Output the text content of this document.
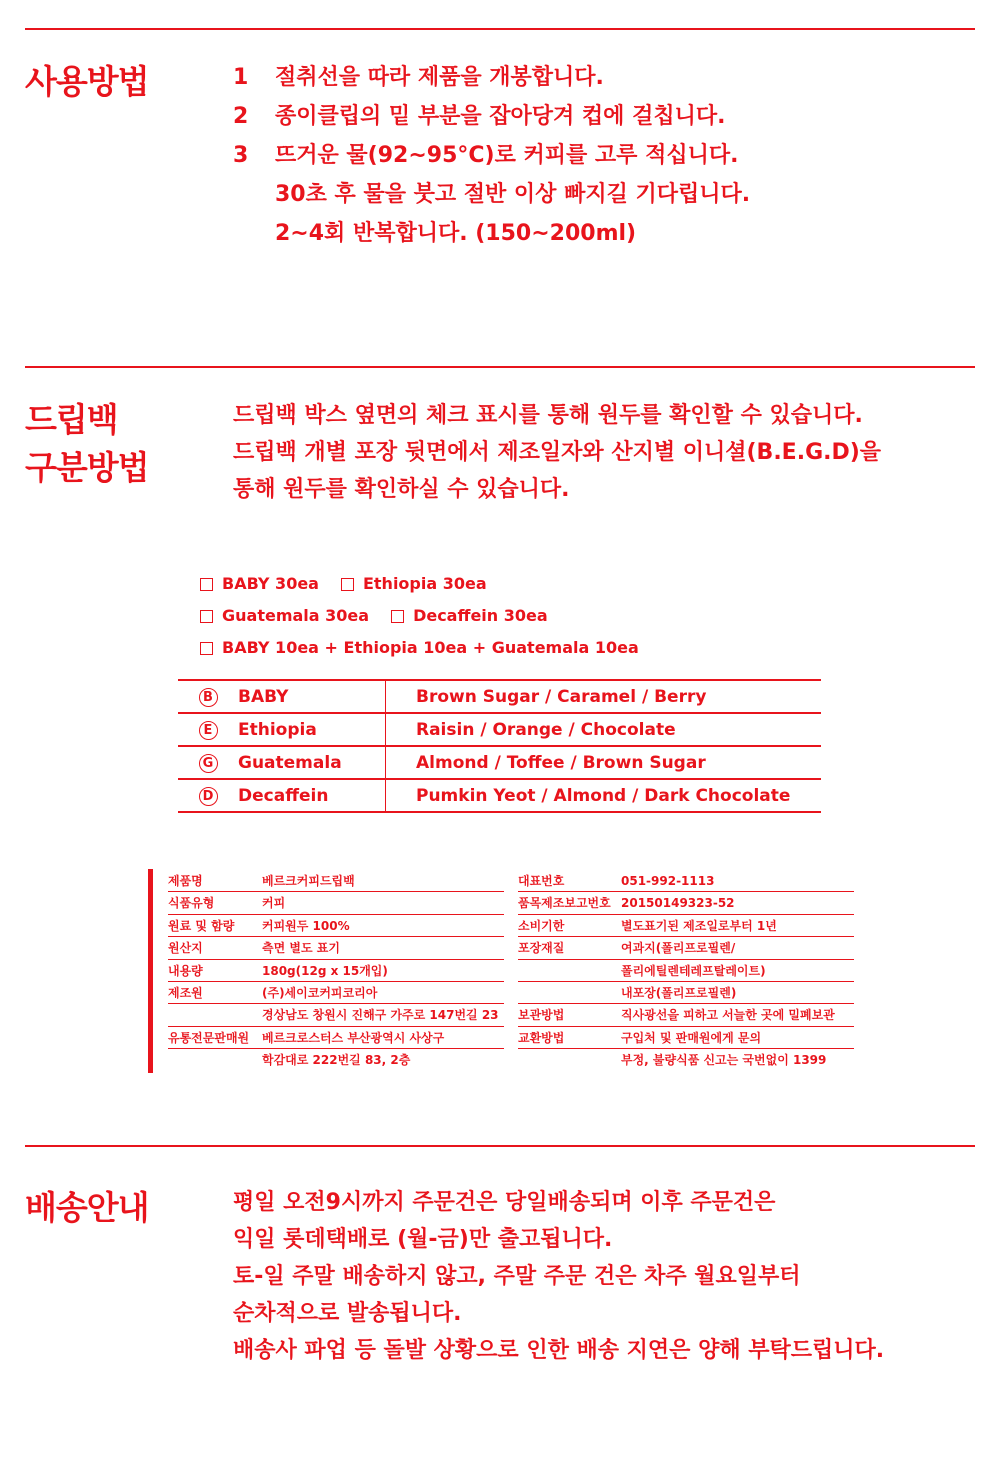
사용방법	1	절취선을 따라 제품을 개봉합니다.
2	종이클립의 밑 부분을 잡아당겨 컵에 걸칩니다.
3	뜨거운 물(92~95°C)로 커피를 고루 적십니다.
30초 후 물을 붓고 절반 이상 빠지길 기다립니다.
2~4회 반복합니다. (150~200ml)
드립백
구분방법
드립백 박스 옆면의 체크 표시를 통해 원두를 확인할 수 있습니다.
드립백 개별 포장 뒷면에서 제조일자와 산지별 이니셜(B.E.G.D)을
통해 원두를 확인하실 수 있습니다.
BABY 30ea	Ethiopia 30ea
Guatemala 30ea	Decaffein 30ea
BABY 10ea + Ethiopia 10ea + Guatemala 10ea
B	BABY	Brown Sugar / Caramel / Berry
E	Ethiopia	Raisin / Orange / Chocolate
G	Guatemala	Almond / Toffee / Brown Sugar
D	Decaffein	Pumkin Yeot / Almond / Dark Chocolate
제품명	베르크커피드립백
식품유형	커피
원료 및 함량	커피원두 100%
원산지	측면 별도 표기
내용량	180g(12g x 15개입)
제조원	(주)세이코커피코리아
경상남도 창원시 진해구 가주로 147번길 23
유통전문판매원	베르크로스터스 부산광역시 사상구
학감대로 222번길 83, 2층
대표번호	051-992-1113
품목제조보고번호 20150149323-52
소비기한	별도표기된 제조일로부터 1년
포장재질	여과지(폴리프로필렌/
폴리에틸렌테레프탈레이트)
내포장(폴리프로필렌)
보관방법	직사광선을 피하고 서늘한 곳에 밀폐보관
교환방법	구입처 및 판매원에게 문의
부정, 불량식품 신고는 국번없이 1399
배송안내	평일 오전9시까지 주문건은 당일배송되며 이후 주문건은
익일 롯데택배로 (월-금)만 출고됩니다.
토-일 주말 배송하지 않고, 주말 주문 건은 차주 월요일부터
순차적으로 발송됩니다.
배송사 파업 등 돌발 상황으로 인한 배송 지연은 양해 부탁드립니다.
